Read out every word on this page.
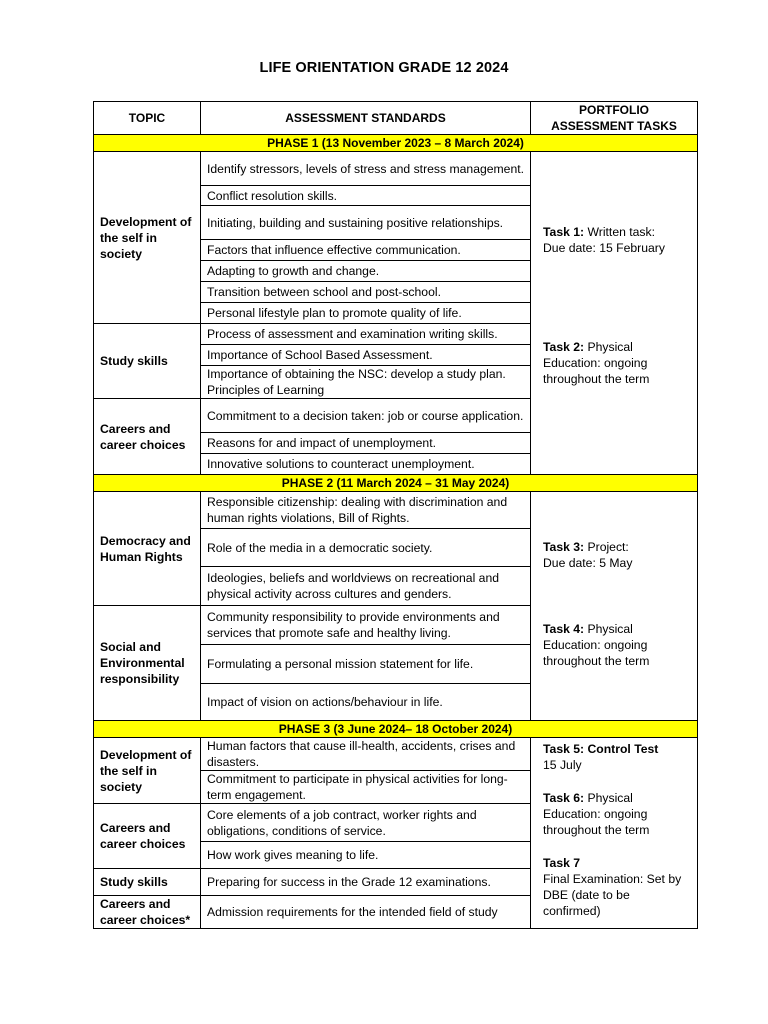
LIFE ORIENTATION GRADE 12 2024
TOPIC	ASSESSMENT STANDARDS	PORTFOLIO ASSESSMENT TASKS
PHASE 1 (13 November 2023 – 8 March 2024)		
Development of the self in society	Identify stressors, levels of stress and stress management.	Task 1: Written task:
Due date: 15 February
Task 2: Physical Education: ongoing throughout the term

	Conflict resolution skills.	
	Initiating, building and sustaining positive relationships.	
	Factors that influence effective communication.	
	Adapting to growth and change.	
	Transition between school and post-school.	
	Personal lifestyle plan to promote quality of life.	
Study skills	Process of assessment and examination writing skills.	
	Importance of School Based Assessment.	
	Importance of obtaining the NSC: develop a study plan. Principles of Learning	
Careers and career choices	Commitment to a decision taken: job or course application.	
	Reasons for and impact of unemployment.	
	Innovative solutions to counteract unemployment.	
PHASE 2 (11 March 2024 – 31 May 2024)		
Democracy and Human Rights	Responsible citizenship: dealing with discrimination and human rights violations, Bill of Rights.	Task 3: Project:
Due date: 5 May
Task 4: Physical Education: ongoing throughout the term

	Role of the media in a democratic society.	
	Ideologies, beliefs and worldviews on recreational and physical activity across cultures and genders.	
Social and Environmental responsibility	Community responsibility to provide environments and services that promote safe and healthy living.	
	Formulating a personal mission statement for life.	
	Impact of vision on actions/behaviour in life.	
PHASE 3 (3 June 2024– 18 October 2024)		
Development of the self in society	Human factors that cause ill-health, accidents, crises and disasters.	Task 5: Control Test
15 July
Task 6: Physical Education: ongoing throughout the term
Task 7
Final Examination: Set by DBE (date to be confirmed)

	Commitment to participate in physical activities for long-term engagement.	
Careers and career choices	Core elements of a job contract, worker rights and obligations, conditions of service.	
	How work gives meaning to life.	
Study skills	Preparing for success in the Grade 12 examinations.	
Careers and career choices*	Admission requirements for the intended field of study	
